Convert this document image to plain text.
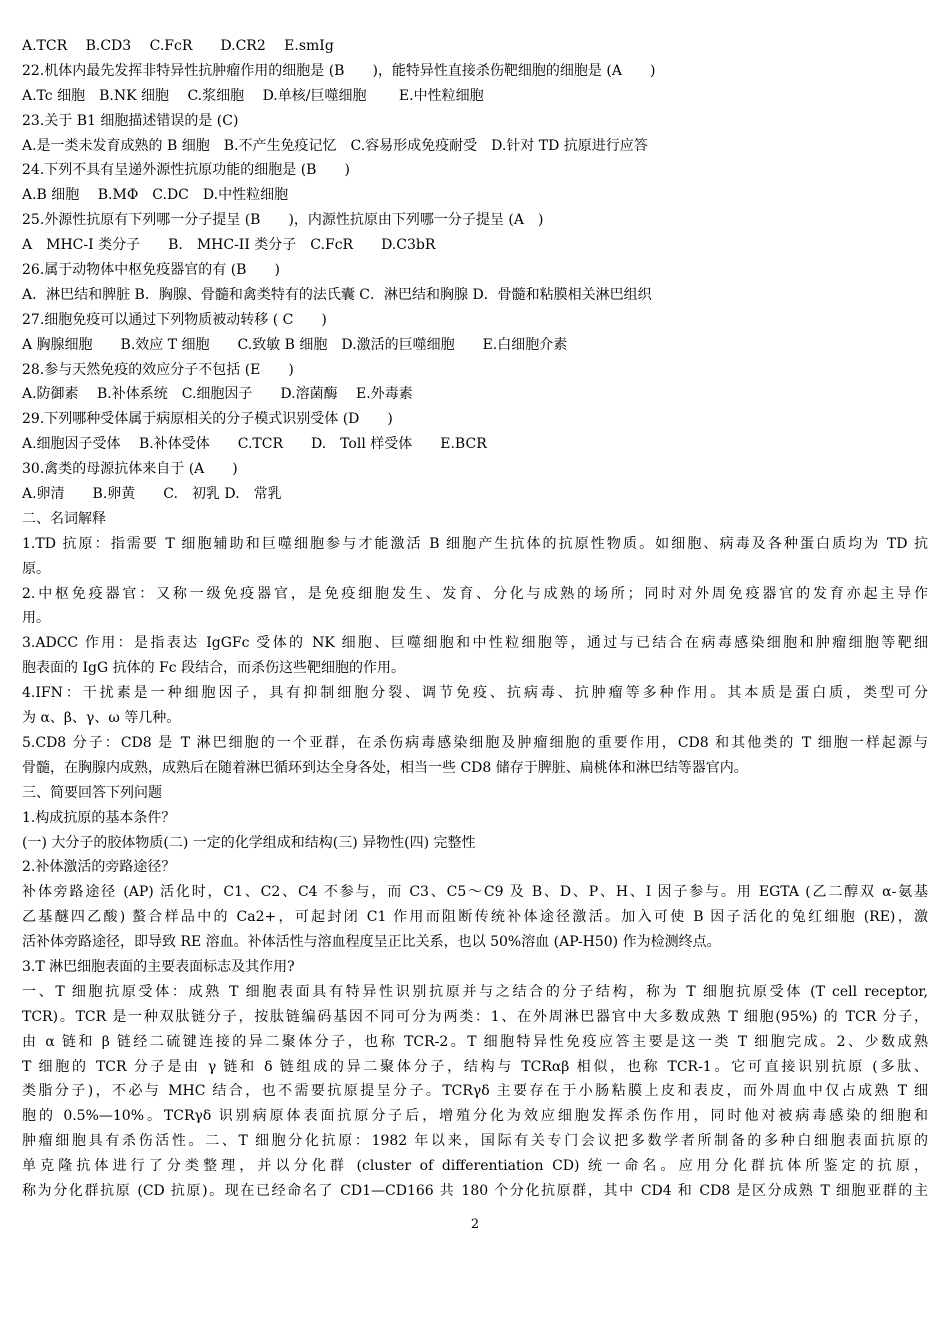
A.TCR　 B.CD3　 C.FcR　　D.CR2　 E.smIg
22.机体内最先发挥非特异性抗肿瘤作用的细胞是 (B　　)，能特异性直接杀伤靶细胞的细胞是 (A　　)
A.Tc 细胞　B.NK 细胞　 C.浆细胞　 D.单核/巨噬细胞　　 E.中性粒细胞
23.关于 B1 细胞描述错误的是 (C)
A.是一类未发育成熟的 B 细胞　B.不产生免疫记忆　C.容易形成免疫耐受　D.针对 TD 抗原进行应答
24.下列不具有呈递外源性抗原功能的细胞是 (B　　)
A.B 细胞　 B.MΦ　C.DC　D.中性粒细胞
25.外源性抗原有下列哪一分子提呈 (B　　)，内源性抗原由下列哪一分子提呈 (A　)
A　MHC-I 类分子　　B.　MHC-II 类分子　C.FcR　　D.C3bR
26.属于动物体中枢免疫器官的有 (B　　)
A．淋巴结和脾脏 B．胸腺、骨髓和禽类特有的法氏囊 C．淋巴结和胸腺 D．骨髓和粘膜相关淋巴组织
27.细胞免疫可以通过下列物质被动转移 ( C　　)
A 胸腺细胞　　B.效应 T 细胞　　C.致敏 B 细胞　D.激活的巨噬细胞　　E.白细胞介素
28.参与天然免疫的效应分子不包括 (E　　)
A.防御素　 B.补体系统　C.细胞因子　　D.溶菌酶　 E.外毒素
29.下列哪种受体属于病原相关的分子模式识别受体 (D　　)
A.细胞因子受体　 B.补体受体　　C.TCR　　D.　Toll 样受体　　E.BCR
30.禽类的母源抗体来自于 (A　　)
A.卵清　　B.卵黄　　C.　初乳 D.　常乳
二、名词解释
1.TD 抗原：指需要 T 细胞辅助和巨噬细胞参与才能激活 B 细胞产生抗体的抗原性物质。如细胞、病毒及各种蛋白质均为 TD 抗
原。
2.中枢免疫器官：又称一级免疫器官，是免疫细胞发生、发育、分化与成熟的场所；同时对外周免疫器官的发育亦起主导作
用。
3.ADCC 作用：是指表达 IgGFc 受体的 NK 细胞、巨噬细胞和中性粒细胞等，通过与已结合在病毒感染细胞和肿瘤细胞等靶细
胞表面的 IgG 抗体的 Fc 段结合，而杀伤这些靶细胞的作用。
4.IFN：干扰素是一种细胞因子，具有抑制细胞分裂、调节免疫、抗病毒、抗肿瘤等多种作用。其本质是蛋白质，类型可分
为 α、β、γ、ω 等几种。
5.CD8 分子：CD8 是 T 淋巴细胞的一个亚群，在杀伤病毒感染细胞及肿瘤细胞的重要作用，CD8 和其他类的 T 细胞一样起源与
骨髓，在胸腺内成熟，成熟后在随着淋巴循环到达全身各处，相当一些 CD8 储存于脾脏、扁桃体和淋巴结等器官内。
三、简要回答下列问题
1.构成抗原的基本条件？
(一) 大分子的胶体物质(二) 一定的化学组成和结构(三) 异物性(四) 完整性
2.补体激活的旁路途径？
补体旁路途径 (AP) 活化时，C1、C2、C4 不参与，而 C3、C5～C9 及 B、D、P、H、I 因子参与。用 EGTA (乙二醇双 α-氨基
乙基醚四乙酸) 螯合样品中的 Ca2+，可起封闭 C1 作用而阻断传统补体途径激活。加入可使 B 因子活化的兔红细胞 (RE)，激
活补体旁路途径，即导致 RE 溶血。补体活性与溶血程度呈正比关系，也以 50%溶血 (AP-H50) 作为检测终点。
3.T 淋巴细胞表面的主要表面标志及其作用?
一、T 细胞抗原受体：成熟 T 细胞表面具有特异性识别抗原并与之结合的分子结构，称为 T 细胞抗原受体 (T cell receptor,
TCR)。TCR 是一种双肽链分子，按肽链编码基因不同可分为两类：1、在外周淋巴器官中大多数成熟 T 细胞(95%) 的 TCR 分子，
由 α 链和 β 链经二硫键连接的异二聚体分子，也称 TCR-2。T 细胞特异性免疫应答主要是这一类 T 细胞完成。2、少数成熟
T 细胞的 TCR 分子是由 γ 链和 δ 链组成的异二聚体分子，结构与 TCRαβ 相似，也称 TCR-1。它可直接识别抗原 (多肽、
类脂分子)，不必与 MHC 结合，也不需要抗原提呈分子。TCRγδ 主要存在于小肠粘膜上皮和表皮，而外周血中仅占成熟 T 细
胞的 0.5%—10%。TCRγδ 识别病原体表面抗原分子后，增殖分化为效应细胞发挥杀伤作用，同时他对被病毒感染的细胞和
肿瘤细胞具有杀伤活性。二、T 细胞分化抗原：1982 年以来，国际有关专门会议把多数学者所制备的多种白细胞表面抗原的
单克隆抗体进行了分类整理，并以分化群 (cluster of differentiation CD) 统一命名。应用分化群抗体所鉴定的抗原，
称为分化群抗原 (CD 抗原)。现在已经命名了 CD1—CD166 共 180 个分化抗原群，其中 CD4 和 CD8 是区分成熟 T 细胞亚群的主
2
